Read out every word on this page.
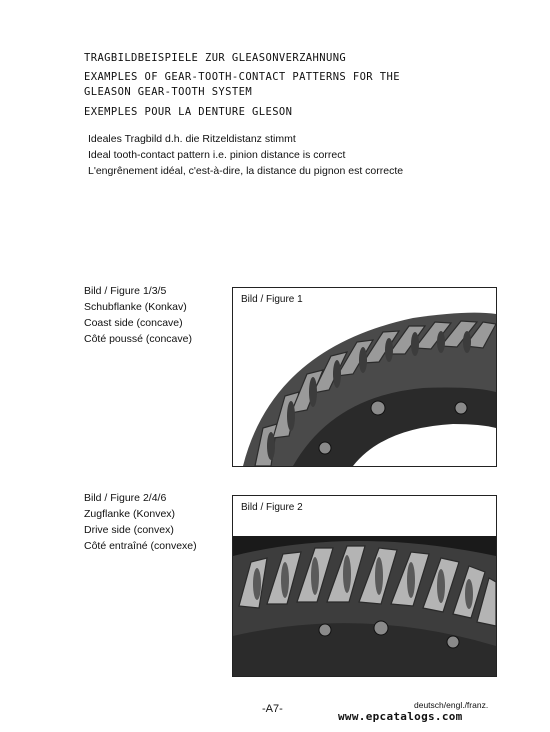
TRAGBILDBEISPIELE ZUR GLEASONVERZAHNUNG
EXAMPLES OF GEAR-TOOTH-CONTACT PATTERNS FOR THE
GLEASON GEAR-TOOTH SYSTEM
EXEMPLES POUR LA DENTURE GLESON
Ideales Tragbild d.h. die Ritzeldistanz stimmt
Ideal tooth-contact pattern i.e. pinion distance is correct
L'engrênement idéal, c'est-à-dire, la distance du pignon est correcte
Bild / Figure 1/3/5
Schubflanke (Konkav)
Coast side (concave)
Côté poussé (concave)
Bild / Figure 1
Bild / Figure 2/4/6
Zugflanke (Konvex)
Drive side (convex)
Côté entraîné (convexe)
Bild / Figure 2
-A7-	deutsch/engl./franz.
www.epcatalogs.com
